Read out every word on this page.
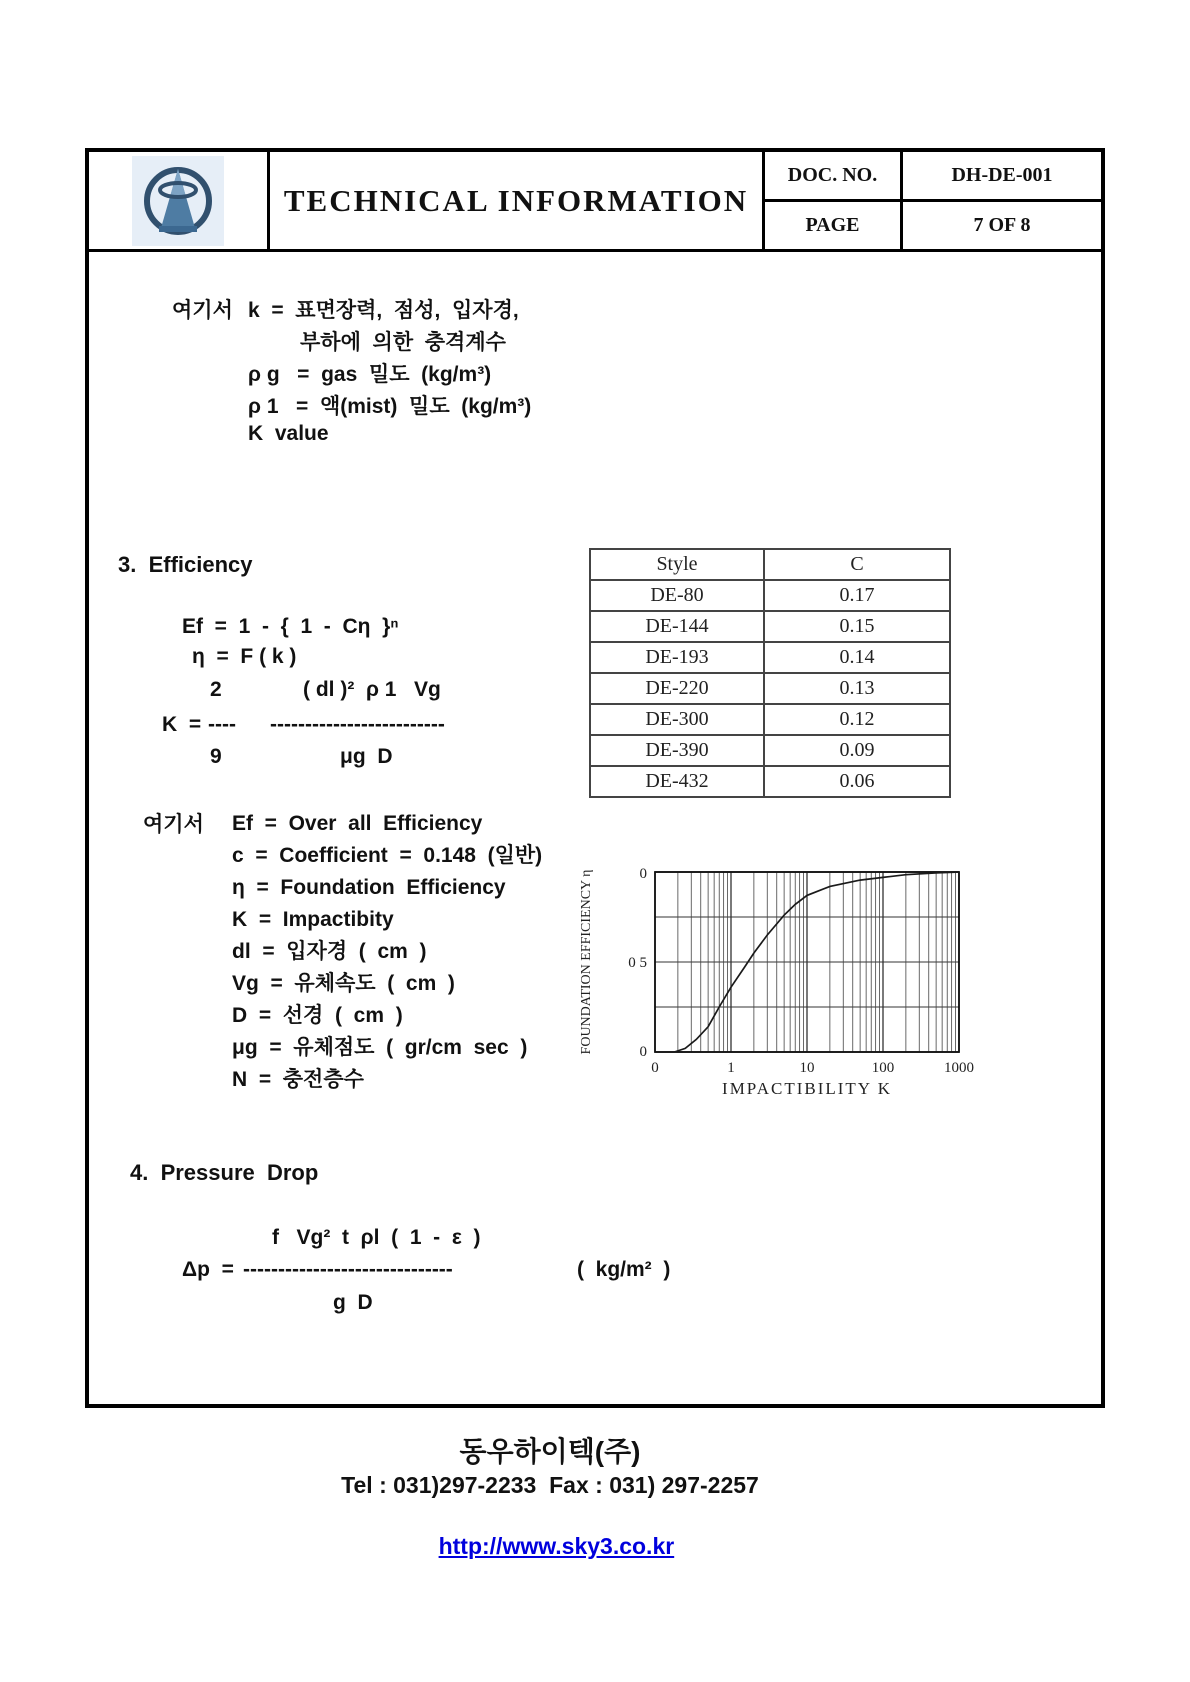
TECHNICAL INFORMATION
DOC. NO.	DH-DE-001
PAGE	7 OF 8
여기서 k  =  표면장력,  점성,  입자경,
부하에  의한  충격계수
ρ g   =  gas  밀도  (kg/m³)
ρ 1   =  액(mist)  밀도  (kg/m³)
K  value
3.  Efficiency
Ef  =  1  -  {  1  -  Cη  }ⁿ
η  =  F ( k )
2	( dl )²  ρ 1   Vg
K  = ---- -------------------------
9	μg  D
여기서 Ef  =  Over  all  Efficiency
c  =  Coefficient  =  0.148  (일반)
η  =  Foundation  Efficiency
K  =  Impactibity
dl  =  입자경  (  cm  )
Vg  =  유체속도  (  cm  )
D  =  선경  (  cm  )
μg  =  유체점도  (  gr/cm  sec  )
N  =  충전층수
Style	C
DE-80	0.17
DE-144	0.15
DE-193	0.14
DE-220	0.13
DE-300	0.12
DE-390	0.09
DE-432	0.06
0
0 5
0
0	1	10	100	1000
IMPACTIBILITY K
FOUNDATION EFFICIENCY η
4.  Pressure  Drop
f   Vg²  t  ρl  (  1  -  ε  )
Δp  = ------------------------------	(  kg/m²  )
g  D
동우하이텍(주)
Tel : 031)297-2233  Fax : 031) 297-2257

http://www.sky3.co.kr
